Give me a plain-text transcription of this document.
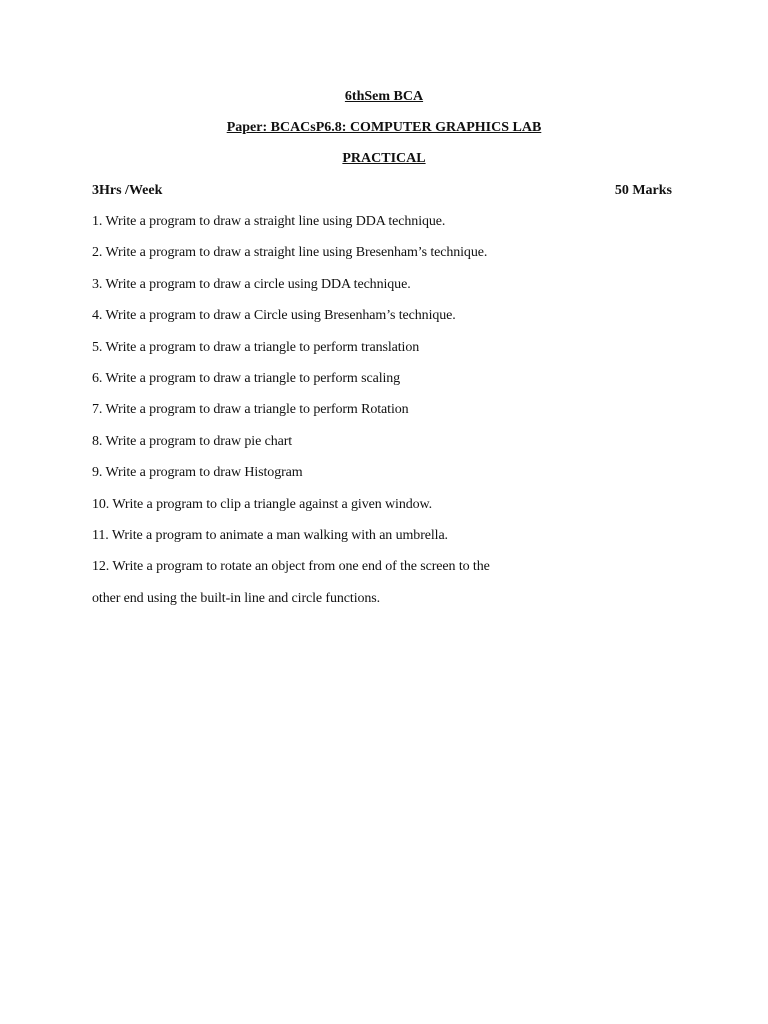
6thSem BCA
Paper: BCACsP6.8: COMPUTER GRAPHICS LAB
PRACTICAL
3Hrs /Week	50 Marks
1. Write a program to draw a straight line using DDA technique.
2. Write a program to draw a straight line using Bresenham’s technique.
3. Write a program to draw a circle using DDA technique.
4. Write a program to draw a Circle using Bresenham’s technique.
5. Write a program to draw a triangle to perform translation
6. Write a program to draw a triangle to perform scaling
7. Write a program to draw a triangle to perform Rotation
8. Write a program to draw pie chart
9. Write a program to draw Histogram
10. Write a program to clip a triangle against a given window.
11. Write a program to animate a man walking with an umbrella.
12. Write a program to rotate an object from one end of the screen to the
other end using the built-in line and circle functions.
